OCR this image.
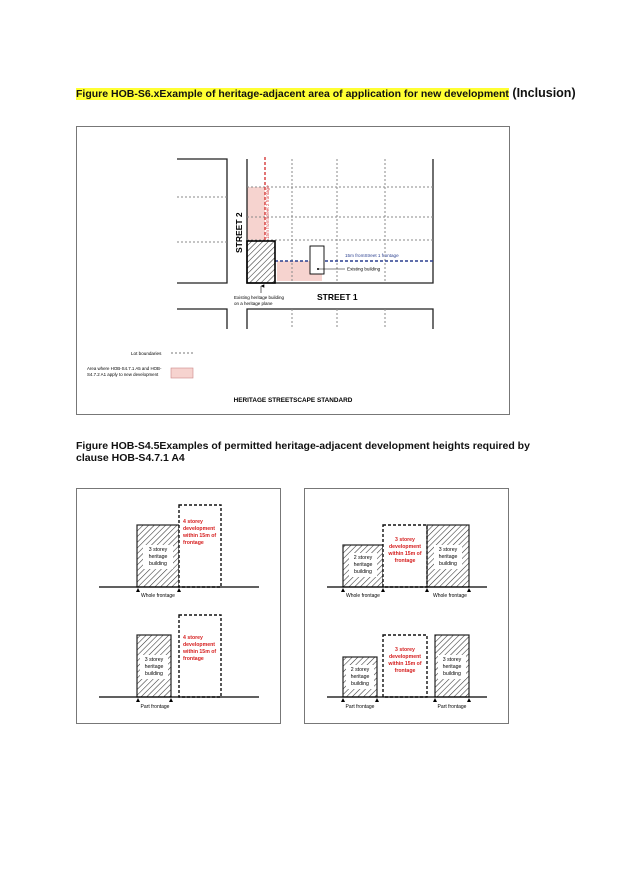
Figure HOB-S6.xExample of heritage-adjacent area of application for new development (Inclusion)
15m fromStreet 2 frontage
15m fromStreet 1 frontage
Existing building
STREET 2
STREET 1
Existing heritage building
on a heritage plane
Lot boundaries
Area where HOB-S4.7.1 A5 and HOB-
S4.7.2 A1 apply to new development
HERITAGE STREETSCAPE STANDARD
Figure HOB-S4.5Examples of permitted heritage-adjacent development heights required by clause HOB-S4.7.1 A4
3 storey
heritage
building
4 storey
development
within 15m of
frontage
Whole frontage
3 storey
heritage
building
4 storey
development
within 15m of
frontage
Part frontage
2 storey
heritage
building
3 storey
development
within 15m of
frontage
3 storey
heritage
building
Whole frontage	Whole frontage
2 storey
heritage
building
3 storey
development
within 15m of
frontage
3 storey
heritage
building
Part frontage	Part frontage
